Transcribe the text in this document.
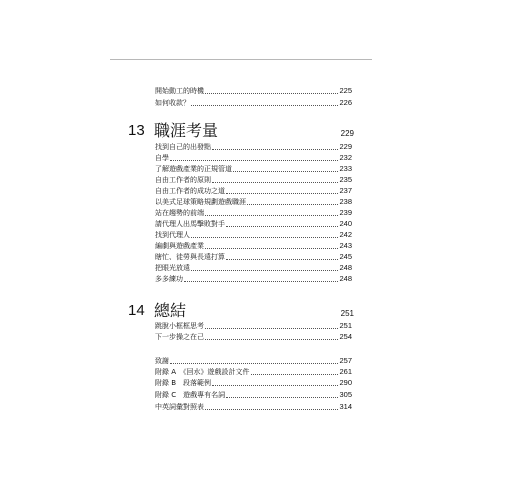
開始動工的時機	225
如何收款？	226
13 職涯考量	229
找到自己的出發點	229
自學	232
了解遊戲產業的正規管道	233
自由工作者的原則	235
自由工作者的成功之道	237
以美式足球策略規劃遊戲職涯	238
站在趨勢的前端	239
請代理人出馬擊敗對手	240
找到代理人	242
編劇與遊戲產業	243
瞎忙、徒勞與長遠打算	245
把眼光放遠	248
多多練功	248
14 總結	251
跳脫小框框思考	251
下一步操之在己	254
致謝	257
附錄 A　《回水》遊戲設計文件	261
附錄 B　段落範例	290
附錄 C　遊戲專有名詞	305
中英詞彙對照表	314
